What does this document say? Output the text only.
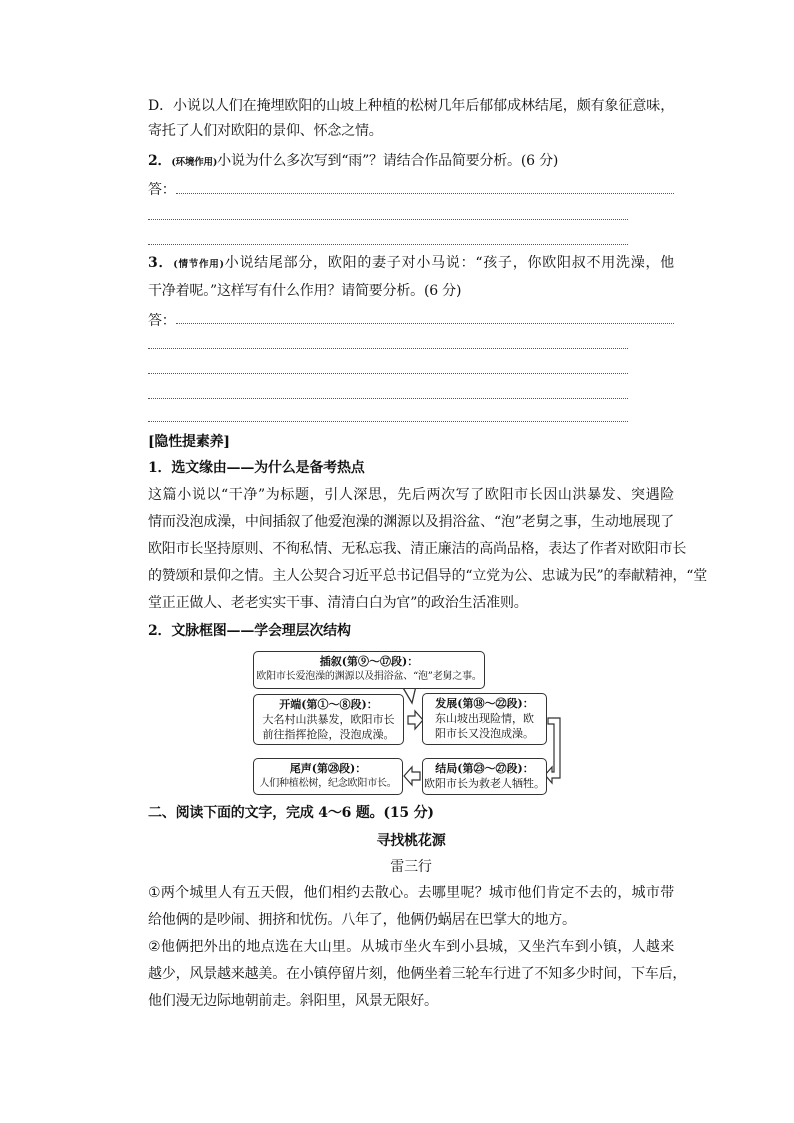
D．小说以人们在掩埋欧阳的山坡上种植的松树几年后郁郁成林结尾，颇有象征意味，
寄托了人们对欧阳的景仰、怀念之情。
2．(环境作用)小说为什么多次写到“雨”？请结合作品简要分析。(6 分)
答：
3．(情节作用)小说结尾部分，欧阳的妻子对小马说：“孩子，你欧阳叔不用洗澡，他
干净着呢。”这样写有什么作用？请简要分析。(6 分)
答：
[隐性提素养]
1．选文缘由——为什么是备考热点
这篇小说以“干净”为标题，引人深思，先后两次写了欧阳市长因山洪暴发、突遇险
情而没泡成澡，中间插叙了他爱泡澡的渊源以及捐浴盆、“泡”老舅之事，生动地展现了
欧阳市长坚持原则、不徇私情、无私忘我、清正廉洁的高尚品格，表达了作者对欧阳市长
的赞颂和景仰之情。主人公契合习近平总书记倡导的“立党为公、忠诚为民”的奉献精神，“堂
堂正正做人、老老实实干事、清清白白为官”的政治生活准则。
2．文脉框图——学会理层次结构
插叙(第⑨～⑰段)：
欧阳市长爱泡澡的渊源以及捐浴盆、“泡”老舅之事。
开端(第①～⑧段)：
大名村山洪暴发，欧阳市长
前往指挥抢险，没泡成澡。
发展(第⑱～㉒段)：
东山坡出现险情，欧
阳市长又没泡成澡。
尾声(第㉘段)：
人们种植松树，纪念欧阳市长。
结局(第㉓～㉗段)：
欧阳市长为救老人牺牲。
二、阅读下面的文字，完成 4～6 题。(15 分)
寻找桃花源
雷三行
①两个城里人有五天假，他们相约去散心。去哪里呢？城市他们肯定不去的，城市带
给他俩的是吵闹、拥挤和忧伤。八年了，他俩仍蜗居在巴掌大的地方。
②他俩把外出的地点选在大山里。从城市坐火车到小县城，又坐汽车到小镇，人越来
越少，风景越来越美。在小镇停留片刻，他俩坐着三轮车行进了不知多少时间，下车后，
他们漫无边际地朝前走。斜阳里，风景无限好。
